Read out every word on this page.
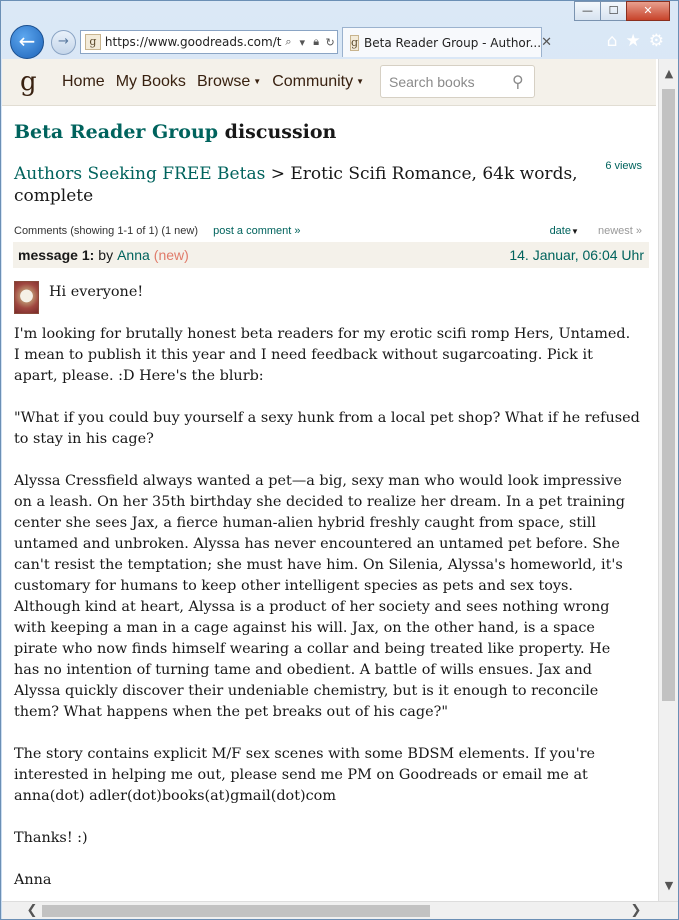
—	☐	✕
←	→	g https://www.goodreads.com/t ⌕ ▾ 🔒︎ ↻ g Beta Reader Group - Author... ✕	⌂ ★ ⚙
g	Home My Books Browse ▼ Community ▼	Search books	⚲
Beta Reader Group discussion
Authors Seeking FREE Betas > Erotic Scifi Romance, 64k words, complete
6 views
Comments (showing 1-1 of 1) (1 new) post a comment »	date▼ newest »
message 1: by Anna (new)	14. Januar, 06:04 Uhr

Hi everyone!

I'm looking for brutally honest beta readers for my erotic scifi romp Hers, Untamed. I mean to publish it this year and I need feedback without sugarcoating. Pick it apart, please. :D Here's the blurb:

"What if you could buy yourself a sexy hunk from a local pet shop? What if he refused to stay in his cage?

Alyssa Cressfield always wanted a pet—a big, sexy man who would look impressive on a leash. On her 35th birthday she decided to realize her dream. In a pet training center she sees Jax, a fierce human-alien hybrid freshly caught from space, still untamed and unbroken. Alyssa has never encountered an untamed pet before. She can't resist the temptation; she must have him. On Silenia, Alyssa's homeworld, it's customary for humans to keep other intelligent species as pets and sex toys. Although kind at heart, Alyssa is a product of her society and sees nothing wrong with keeping a man in a cage against his will. Jax, on the other hand, is a space pirate who now finds himself wearing a collar and being treated like property. He has no intention of turning tame and obedient. A battle of wills ensues. Jax and Alyssa quickly discover their undeniable chemistry, but is it enough to reconcile them? What happens when the pet breaks out of his cage?"

The story contains explicit M/F sex scenes with some BDSM elements. If you're interested in helping me out, please send me PM on Goodreads or email me at anna(dot) adler(dot)books(at)gmail(dot)com

Thanks! :)

Anna

▲
▼
❮	❯
